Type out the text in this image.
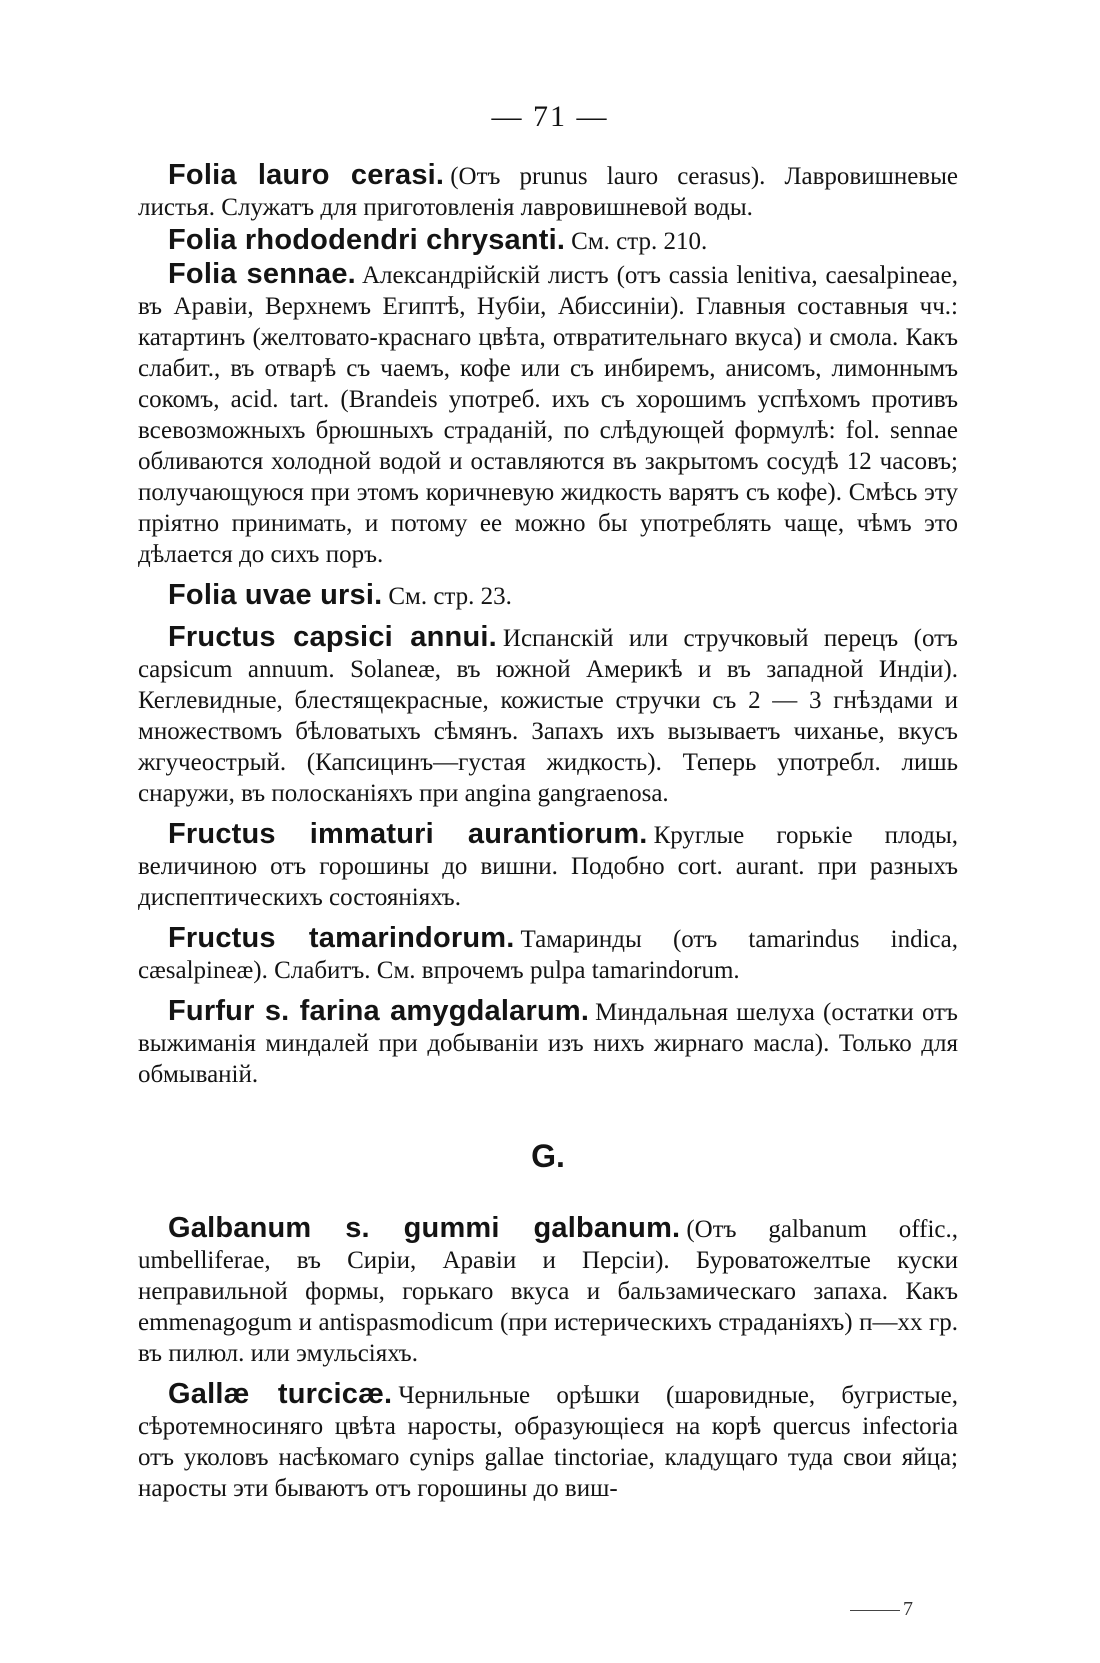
— 71 —

Folia lauro cerasi. (Отъ prunus lauro cerasus). Лавровишневые листья. Служатъ для приготовленія лавровишневой воды.

Folia rhododendri chrysanti. См. стр. 210.

Folia sennae. Александрійскій листъ (отъ cassia lenitiva, caesalpineae, въ Аравіи, Верхнемъ Египтѣ, Нубіи, Абиссиніи). Главныя составныя чч.: катартинъ (желтовато-краснаго цвѣта, отвратительнаго вкуса) и смола. Какъ слабит., въ отварѣ съ чаемъ, кофе или съ инбиремъ, анисомъ, лимоннымъ сокомъ, acid. tart. (Brandeis употреб. ихъ съ хорошимъ успѣхомъ противъ всевозможныхъ брюшныхъ страданій, по слѣдующей формулѣ: fol. sennae обливаются холодной водой и оставляются въ закрытомъ сосудѣ 12 часовъ; получающуюся при этомъ коричневую жидкость варятъ съ кофе). Смѣсь эту пріятно принимать, и потому ее можно бы употреблять чаще, чѣмъ это дѣлается до сихъ поръ.

Folia uvae ursi. См. стр. 23.

Fructus capsici annui. Испанскій или стручковый перецъ (отъ capsicum annuum. Solaneæ, въ южной Америкѣ и въ западной Индіи). Кеглевидные, блестящекрасные, кожистые стручки съ 2 — 3 гнѣздами и множествомъ бѣловатыхъ сѣмянъ. Запахъ ихъ вызываетъ чиханье, вкусъ жгучеострый. (Капсицинъ—густая жидкость). Теперь употребл. лишь снаружи, въ полосканіяхъ при angina gangraenosa.

Fructus immaturi aurantiorum. Круглые горькіе плоды, величиною отъ горошины до вишни. Подобно cort. aurant. при разныхъ диспептическихъ состояніяхъ.

Fructus tamarindorum. Тамаринды (отъ tamarindus indica, cæsalpineæ). Слабитъ. См. впрочемъ pulpa tamarindorum.

Furfur s. farina amygdalarum. Миндальная шелуха (остатки отъ выжиманія миндалей при добываніи изъ нихъ жирнаго масла). Только для обмываній.

G.

Galbanum s. gummi galbanum. (Отъ galbanum offic., umbelliferae, въ Сиріи, Аравіи и Персіи). Буроватожелтые куски неправильной формы, горькаго вкуса и бальзамическаго запаха. Какъ emmenagogum и antispasmodicum (при истерическихъ страданіяхъ) п—хх гр. въ пилюл. или эмульсіяхъ.

Gallæ turcicæ. Чернильные орѣшки (шаровидные, бугристые, сѣротемносиняго цвѣта наросты, образующіеся на корѣ quercus infectoria отъ уколовъ насѣкомаго cynips gallae tinctoriae, кладущаго туда свои яйца; наросты эти бываютъ отъ горошины до виш-

7
